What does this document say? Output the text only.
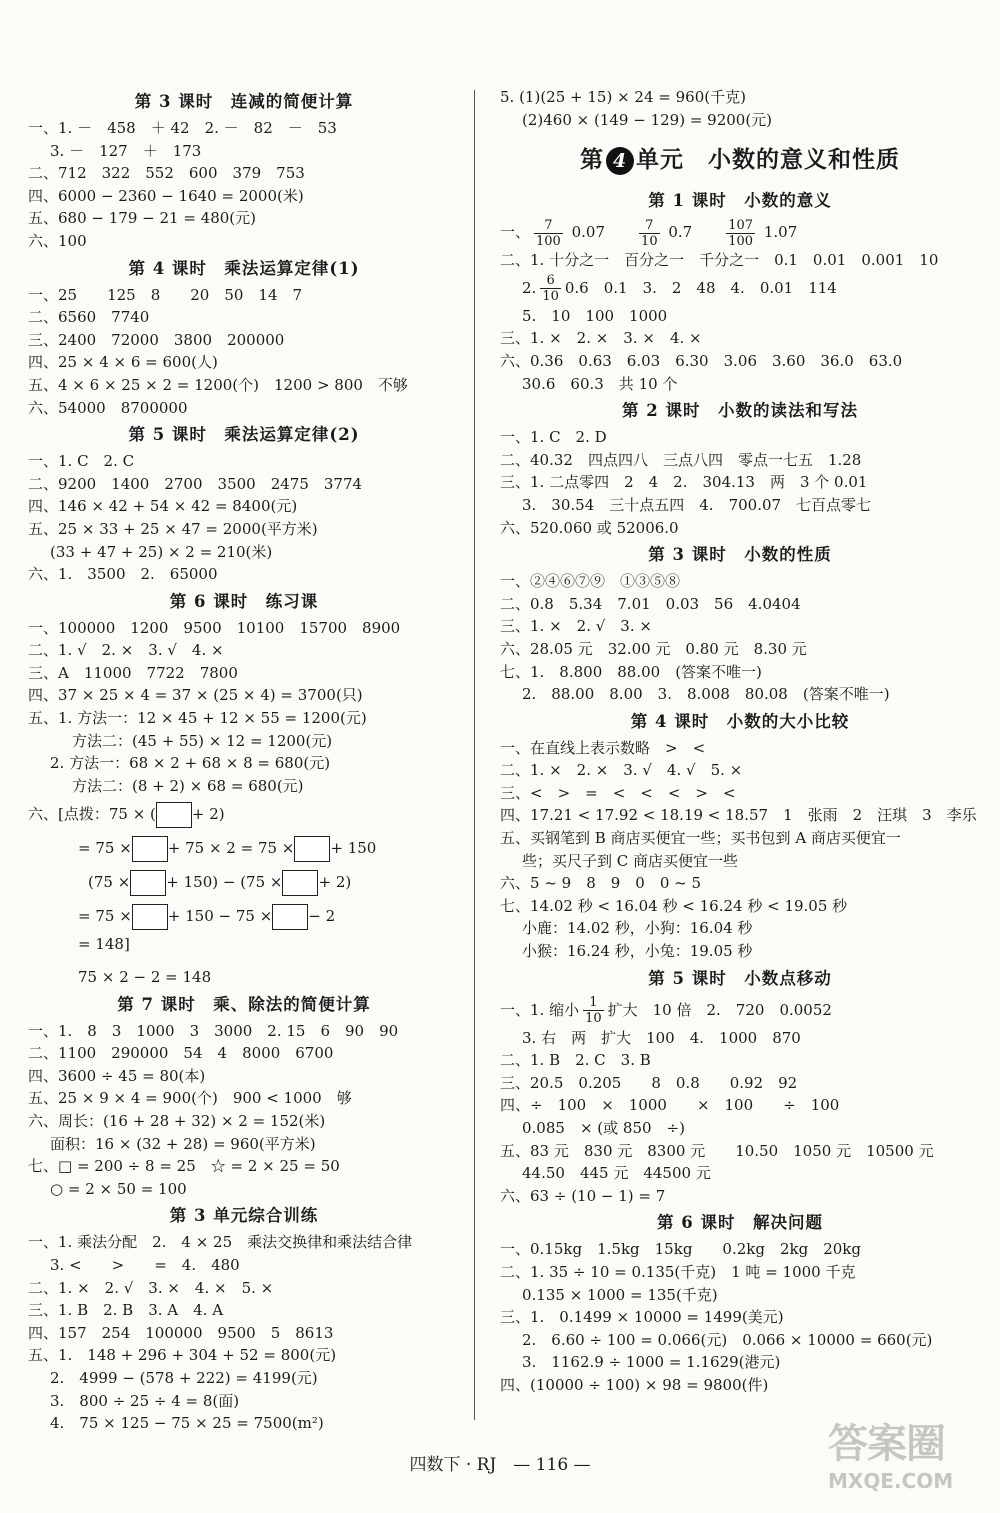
第 3 课时　连减的简便计算
一、1. －　458　＋ 42　2. －　82　－　53
3. －　127　＋　173
二、712　322　552　600　379　753
四、6000 − 2360 − 1640 = 2000(米)
五、680 − 179 − 21 = 480(元)
六、100
第 4 课时　乘法运算定律(1)
一、25　　125　8　　20　50　14　7
二、6560　7740
三、2400　72000　3800　200000
四、25 × 4 × 6 = 600(人)
五、4 × 6 × 25 × 2 = 1200(个)　1200 > 800　不够
六、54000　8700000
第 5 课时　乘法运算定律(2)
一、1. C　2. C
二、9200　1400　2700　3500　2475　3774
四、146 × 42 + 54 × 42 = 8400(元)
五、25 × 33 + 25 × 47 = 2000(平方米)
(33 + 47 + 25) × 2 = 210(米)
六、1.　3500　2.　65000
第 6 课时　练习课
一、100000　1200　9500　10100　15700　8900
二、1. √　2. ×　3. √　4. ×
三、A　11000　7722　7800
四、37 × 25 × 4 = 37 × (25 × 4) = 3700(只)
五、1. 方法一：12 × 45 + 12 × 55 = 1200(元)
方法二：(45 + 55) × 12 = 1200(元)
2. 方法一：68 × 2 + 68 × 8 = 680(元)
方法二：(8 + 2) × 68 = 680(元)
六、[点拨：75 × ( + 2)
= 75 × + 75 × 2 = 75 × + 150
(75 × + 150) − (75 × + 2)
= 75 × + 150 − 75 × − 2
= 148]
75 × 2 − 2 = 148
第 7 课时　乘、除法的简便计算
一、1.　8　3　1000　3　3000　2. 15　6　90　90
二、1100　290000　54　4　8000　6700
四、3600 ÷ 45 = 80(本)
五、25 × 9 × 4 = 900(个)　900 < 1000　够
六、周长：(16 + 28 + 32) × 2 = 152(米)
面积：16 × (32 + 28) = 960(平方米)
七、□ = 200 ÷ 8 = 25　☆ = 2 × 25 = 50
○ = 2 × 50 = 100
第 3 单元综合训练
一、1. 乘法分配　2.　4 × 25　乘法交换律和乘法结合律
3. <　　>　　=　4.　480
二、1. ×　2. √　3. ×　4. ×　5. ×
三、1. B　2. B　3. A　4. A
四、157　254　100000　9500　5　8613
五、1.　148 + 296 + 304 + 52 = 800(元)
2.　4999 − (578 + 222) = 4199(元)
3.　800 ÷ 25 ÷ 4 = 8(面)
4.　75 × 125 − 75 × 25 = 7500(m²)
5. (1)(25 + 15) × 24 = 960(千克)
(2)460 × (149 − 129) = 9200(元)
第 4 单元　小数的意义和性质
第 1 课时　小数的意义
一、 $\frac{7}{100} 0.07$　　	$\frac{7}{10} 0.7$　　	$\frac{107}{100} 1.07$
二、1. 十分之一　百分之一　千分之一　0.1　0.01　0.001　10
2. $\frac{6}{10} 0.6$　0.1　3.　2　48　4.　0.01　114
5.　10　100　1000
三、1. ×　2. ×　3. ×　4. ×
六、0.36　0.63　6.03　6.30　3.06　3.60　36.0　63.0
30.6　60.3　共 10 个
第 2 课时　小数的读法和写法
一、1. C　2. D
二、40.32　四点四八　三点八四　零点一七五　1.28
三、1. 二点零四　2　4　2.　304.13　两　3 个 0.01
3.　30.54　三十点五四　4.　700.07　七百点零七
六、520.060 或 52006.0
第 3 课时　小数的性质
一、②④⑥⑦⑨　①③⑤⑧
二、0.8　5.34　7.01　0.03　56　4.0404
三、1. ×　2. √　3. ×
六、28.05 元　32.00 元　0.80 元　8.30 元
七、1.　8.800　88.00　(答案不唯一)
2.　88.00　8.00　3.　8.008　80.08　(答案不唯一)
第 4 课时　小数的大小比较
一、在直线上表示数略　>　<
二、1. ×　2. ×　3. √　4. √　5. ×
三、<　>　=　<　<　<　>　<
四、17.21 < 17.92 < 18.19 < 18.57　1　张雨　2　汪琪　3　李乐
五、买钢笔到 B 商店买便宜一些；买书包到 A 商店买便宜一
些；买尺子到 C 商店买便宜一些
六、5 ~ 9　8　9　0　0 ~ 5
七、14.02 秒 < 16.04 秒 < 16.24 秒 < 19.05 秒
小鹿：14.02 秒，小狗：16.04 秒
小猴：16.24 秒，小兔：19.05 秒
第 5 课时　小数点移动
一、1. 缩小 $\frac{1}{10}$ 扩大　10 倍　2.　720　0.0052
3. 右　两　扩大　100　4.　1000　870
二、1. B　2. C　3. B
三、20.5　0.205　　8　0.8　　0.92　92
四、÷　100　×　1000　　×　100　　÷　100
0.085　× (或 850　÷)
五、83 元　830 元　8300 元　　10.50　1050 元　10500 元
44.50　445 元　44500 元
六、63 ÷ (10 − 1) = 7
第 6 课时　解决问题
一、0.15kg　1.5kg　15kg　　0.2kg　2kg　20kg
二、1. 35 ÷ 10 = 0.135(千克)　1 吨 = 1000 千克
0.135 × 1000 = 135(千克)
三、1.　0.1499 × 10000 = 1499(美元)
2.　6.60 ÷ 100 = 0.066(元)　0.066 × 10000 = 660(元)
3.　1162.9 ÷ 1000 = 1.1629(港元)
四、(10000 ÷ 100) × 98 = 9800(件)
四数下 · RJ　— 116 —	答案圈
MXQE.COM
